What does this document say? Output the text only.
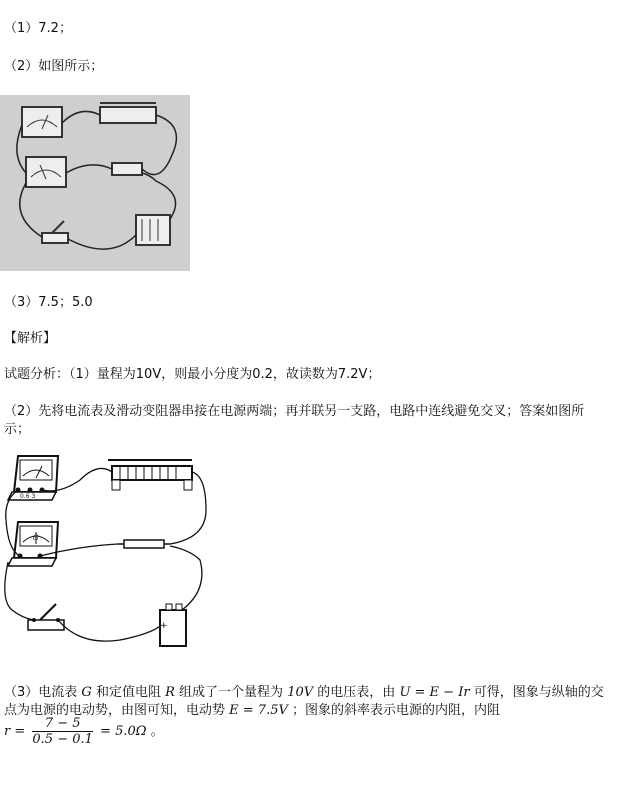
（1）7.2；
（2）如图所示；
（3）7.5；5.0
【解析】
试题分析：（1）量程为10V，则最小分度为0.2，故读数为7.2V；
（2）先将电流表及滑动变阻器串接在电源两端；再并联另一支路，电路中连线避免交叉；答案如图所
示；
0.6 3
G
+
（3）电流表 G 和定值电阻 R 组成了一个量程为 10V 的电压表，由 U = E − Ir 可得，图象与纵轴的交
点为电源的电动势，由图可知，电动势 E = 7.5V ；图象的斜率表示电源的内阻，内阻
$r = \frac{7 - 5}{0.5 - 0.1} = 5.0\Omega$ 。
